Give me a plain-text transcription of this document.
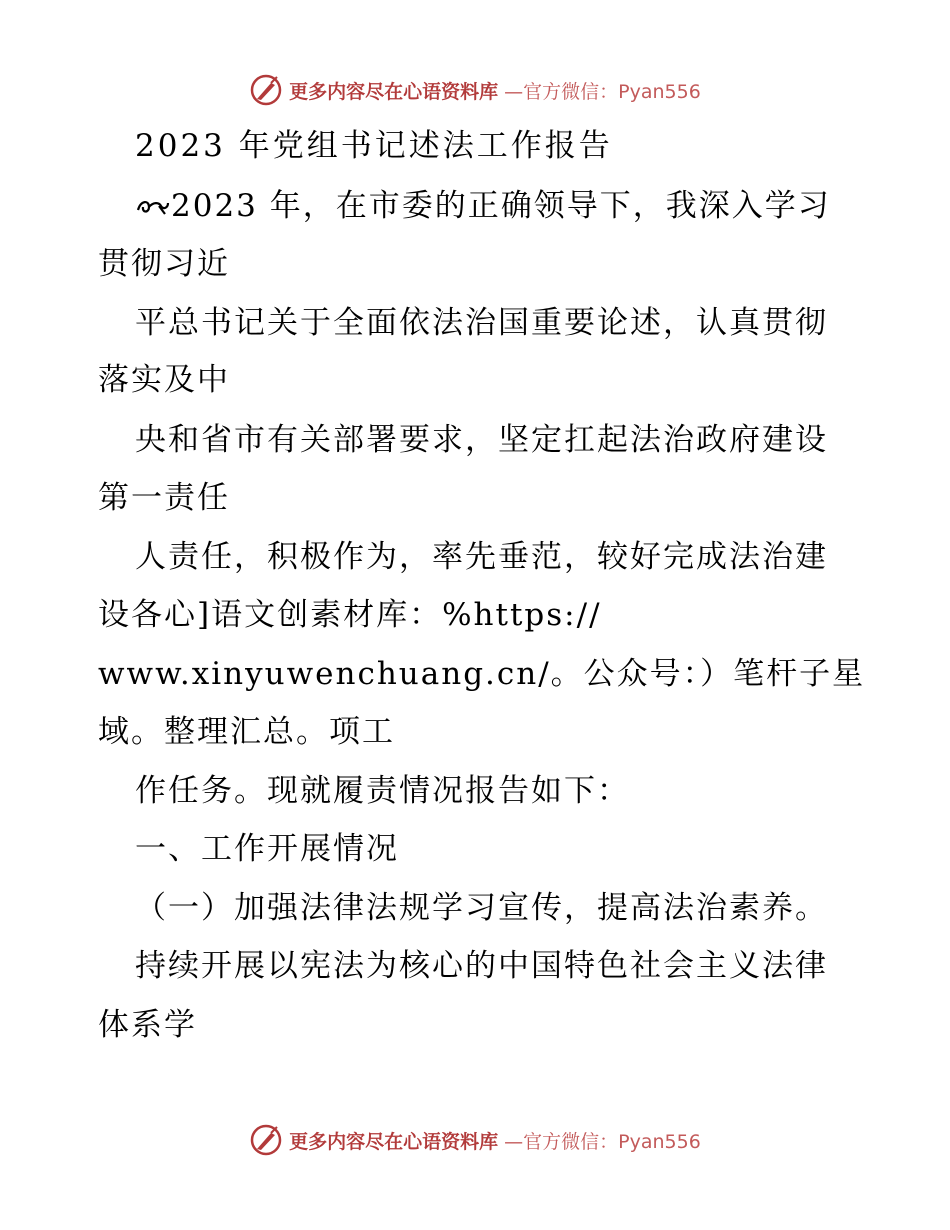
更多内容尽在心语资料库 —官方微信：Pyan556
2023 年党组书记述法工作报告
2023 年，在市委的正确领导下，我深入学习
贯彻习近
平总书记关于全面依法治国重要论述，认真贯彻
落实及中
央和省市有关部署要求，坚定扛起法治政府建设
第一责任
人责任，积极作为，率先垂范，较好完成法治建
设各心]语文创素材库：%https://
www.xinyuwenchuang.cn/。公众号：）笔杆子星
域。整理汇总。项工
作任务。现就履责情况报告如下：
一、工作开展情况
（一）加强法律法规学习宣传，提高法治素养。
持续开展以宪法为核心的中国特色社会主义法律
体系学
更多内容尽在心语资料库 —官方微信：Pyan556
